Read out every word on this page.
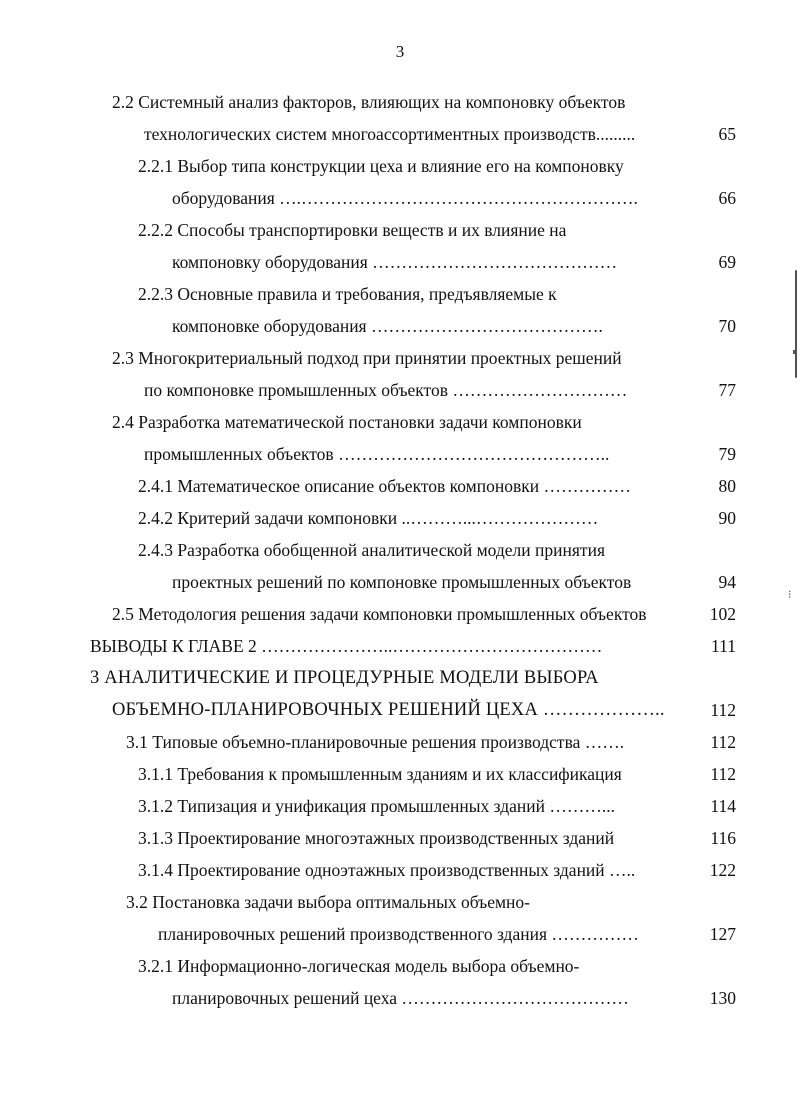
3
2.2 Системный анализ факторов, влияющих на компоновку объектов
технологических систем многоассортиментных производств.........	65
2.2.1 Выбор типа конструкции цеха и влияние его на компоновку
оборудования ….………………………………………………….	66
2.2.2 Способы транспортировки веществ и их влияние на
компоновку оборудования ……………………………………	69
2.2.3 Основные правила и требования, предъявляемые к
компоновке оборудования ………………………………….	70
2.3 Многокритериальный подход при принятии проектных решений
по компоновке промышленных объектов …………………………	77
2.4 Разработка математической постановки задачи компоновки
промышленных объектов ………………………………………..	79
2.4.1 Математическое описание объектов компоновки ……………	80
2.4.2 Критерий задачи компоновки ..………...…………………	90
2.4.3 Разработка обобщенной аналитической модели принятия
проектных решений по компоновке промышленных объектов	94
2.5 Методология решения задачи компоновки промышленных объектов	102
ВЫВОДЫ К ГЛАВЕ 2 …………………..………………………………	111
3 АНАЛИТИЧЕСКИЕ И ПРОЦЕДУРНЫЕ МОДЕЛИ ВЫБОРА
ОБЪЕМНО-ПЛАНИРОВОЧНЫХ РЕШЕНИЙ ЦЕХА ………………..	112
3.1 Типовые объемно-планировочные решения производства …….	112
3.1.1 Требования к промышленным зданиям и их классификация	112
3.1.2 Типизация и унификация промышленных зданий ………...	114
3.1.3 Проектирование многоэтажных производственных зданий	116
3.1.4 Проектирование одноэтажных производственных зданий …..	122
3.2 Постановка задачи выбора оптимальных объемно-
планировочных решений производственного здания ……………	127
3.2.1 Информационно-логическая модель выбора объемно-
планировочных решений цеха …………………………………	130
⁝
